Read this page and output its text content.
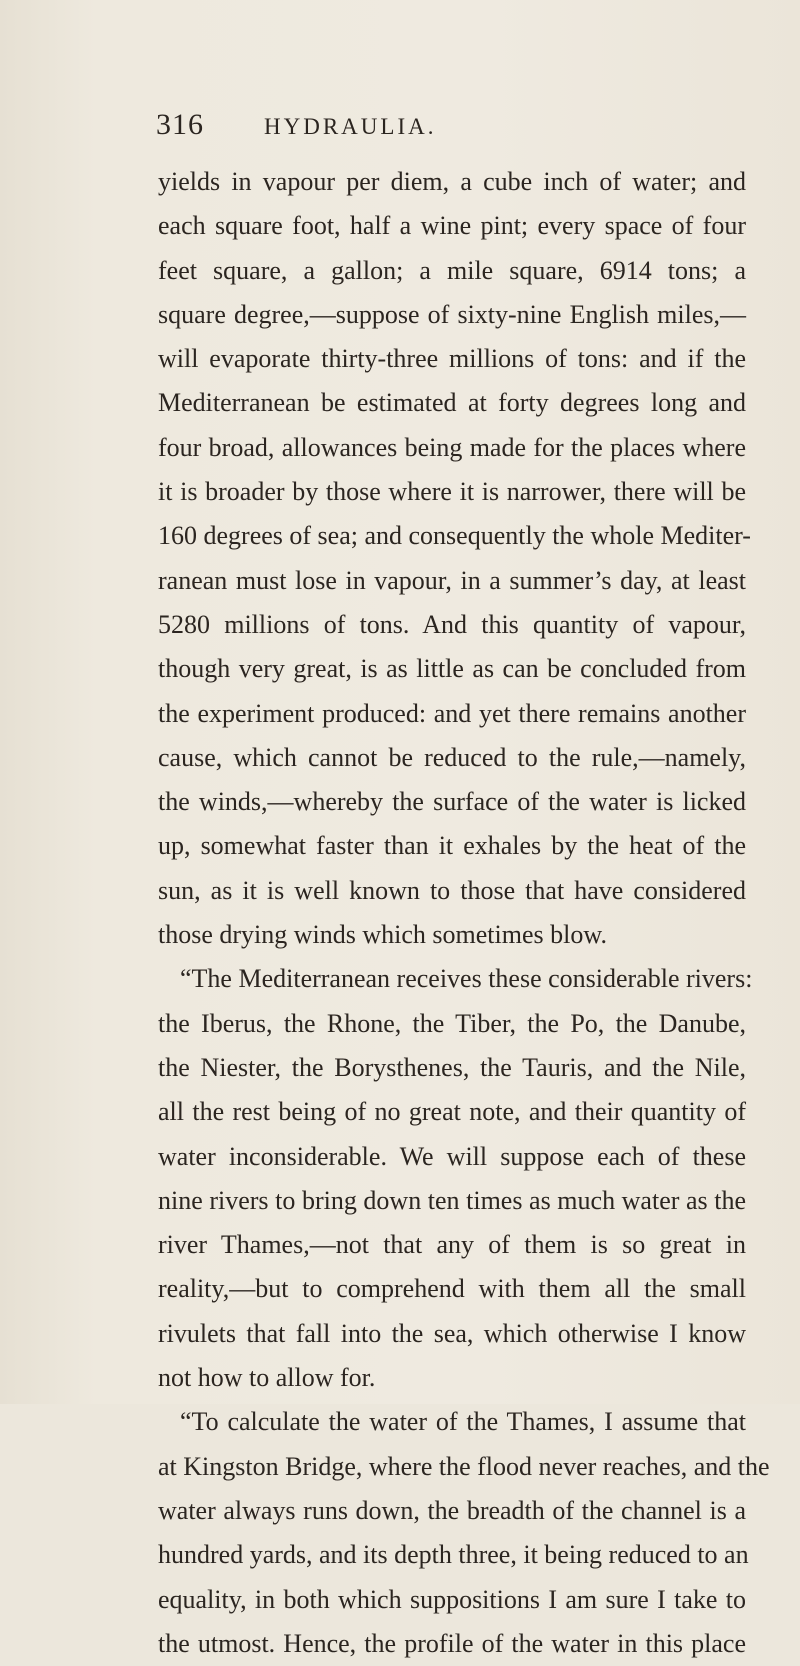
316	HYDRAULIA.
yields in vapour per diem, a cube inch of water; and
each square foot, half a wine pint; every space of four
feet square, a gallon; a mile square, 6914 tons; a
square degree,—suppose of sixty-nine English miles,—
will evaporate thirty-three millions of tons: and if the
Mediterranean be estimated at forty degrees long and
four broad, allowances being made for the places where
it is broader by those where it is narrower, there will be
160 degrees of sea; and consequently the whole Mediter-
ranean must lose in vapour, in a summer’s day, at least
5280 millions of tons. And this quantity of vapour,
though very great, is as little as can be concluded from
the experiment produced: and yet there remains another
cause, which cannot be reduced to the rule,—namely,
the winds,—whereby the surface of the water is licked
up, somewhat faster than it exhales by the heat of the
sun, as it is well known to those that have considered
those drying winds which sometimes blow.
“The Mediterranean receives these considerable rivers:
the Iberus, the Rhone, the Tiber, the Po, the Danube,
the Niester, the Borysthenes, the Tauris, and the Nile,
all the rest being of no great note, and their quantity of
water inconsiderable. We will suppose each of these
nine rivers to bring down ten times as much water as the
river Thames,—not that any of them is so great in
reality,—but to comprehend with them all the small
rivulets that fall into the sea, which otherwise I know
not how to allow for.
“To calculate the water of the Thames, I assume that
at Kingston Bridge, where the flood never reaches, and the
water always runs down, the breadth of the channel is a
hundred yards, and its depth three, it being reduced to an
equality, in both which suppositions I am sure I take to
the utmost. Hence, the profile of the water in this place
